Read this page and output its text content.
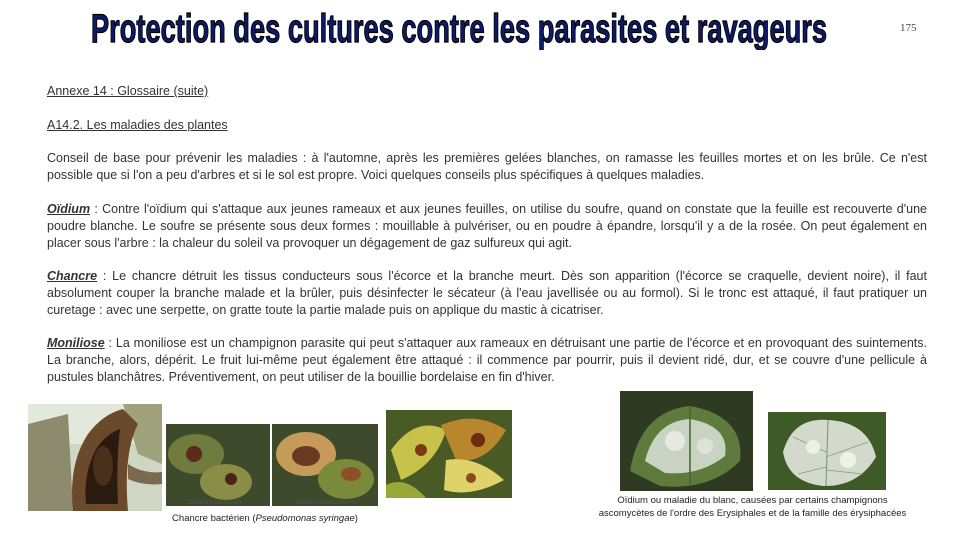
Protection des cultures contre les parasites et ravageurs	175
Annexe 14 : Glossaire (suite)
A14.2. Les maladies des plantes
Conseil de base pour prévenir les maladies : à l'automne, après les premières gelées blanches, on ramasse les feuilles mortes et on les brûle. Ce n'est possible que si l'on a peu d'arbres et si le sol est propre. Voici quelques conseils plus spécifiques à quelques maladies.
Oïdium : Contre l'oïdium qui s'attaque aux jeunes rameaux et aux jeunes feuilles, on utilise du soufre, quand on constate que la feuille est recouverte d'une poudre blanche. Le soufre se présente sous deux formes : mouillable à pulvériser, ou en poudre à épandre, lorsqu'il y a de la rosée. On peut également en placer sous l'arbre : la chaleur du soleil va provoquer un dégagement de gaz sulfureux qui agit.
Chancre : Le chancre détruit les tissus conducteurs sous l'écorce et la branche meurt. Dès son apparition (l'écorce se craquelle, devient noire), il faut absolument couper la branche malade et la brûler, puis désinfecter le sécateur (à l'eau javellisée ou au formol). Si le tronc est attaqué, il faut pratiquer un curetage : avec une serpette, on gratte toute la partie malade puis on applique du mastic à cicatriser.
Moniliose : La moniliose est un champignon parasite qui peut s'attaquer aux rameaux en détruisant une partie de l'écorce et en provoquant des suintements. La branche, alors, dépérit. Le fruit lui-même peut également être attaqué : il commence par pourrir, puis il devient ridé, dur, et se couvre d'une pellicule à pustules blanchâtres. Préventivement, on peut utiliser de la bouillie bordelaise en fin d'hiver.
Chancre bactérien	Brûlure alternarienne
Chancre bactérien (Pseudomonas syringae)
Oïdium ou maladie du blanc, causées par certains champignons
ascomycètes de l'ordre des Erysiphales et de la famille des érysiphacées
